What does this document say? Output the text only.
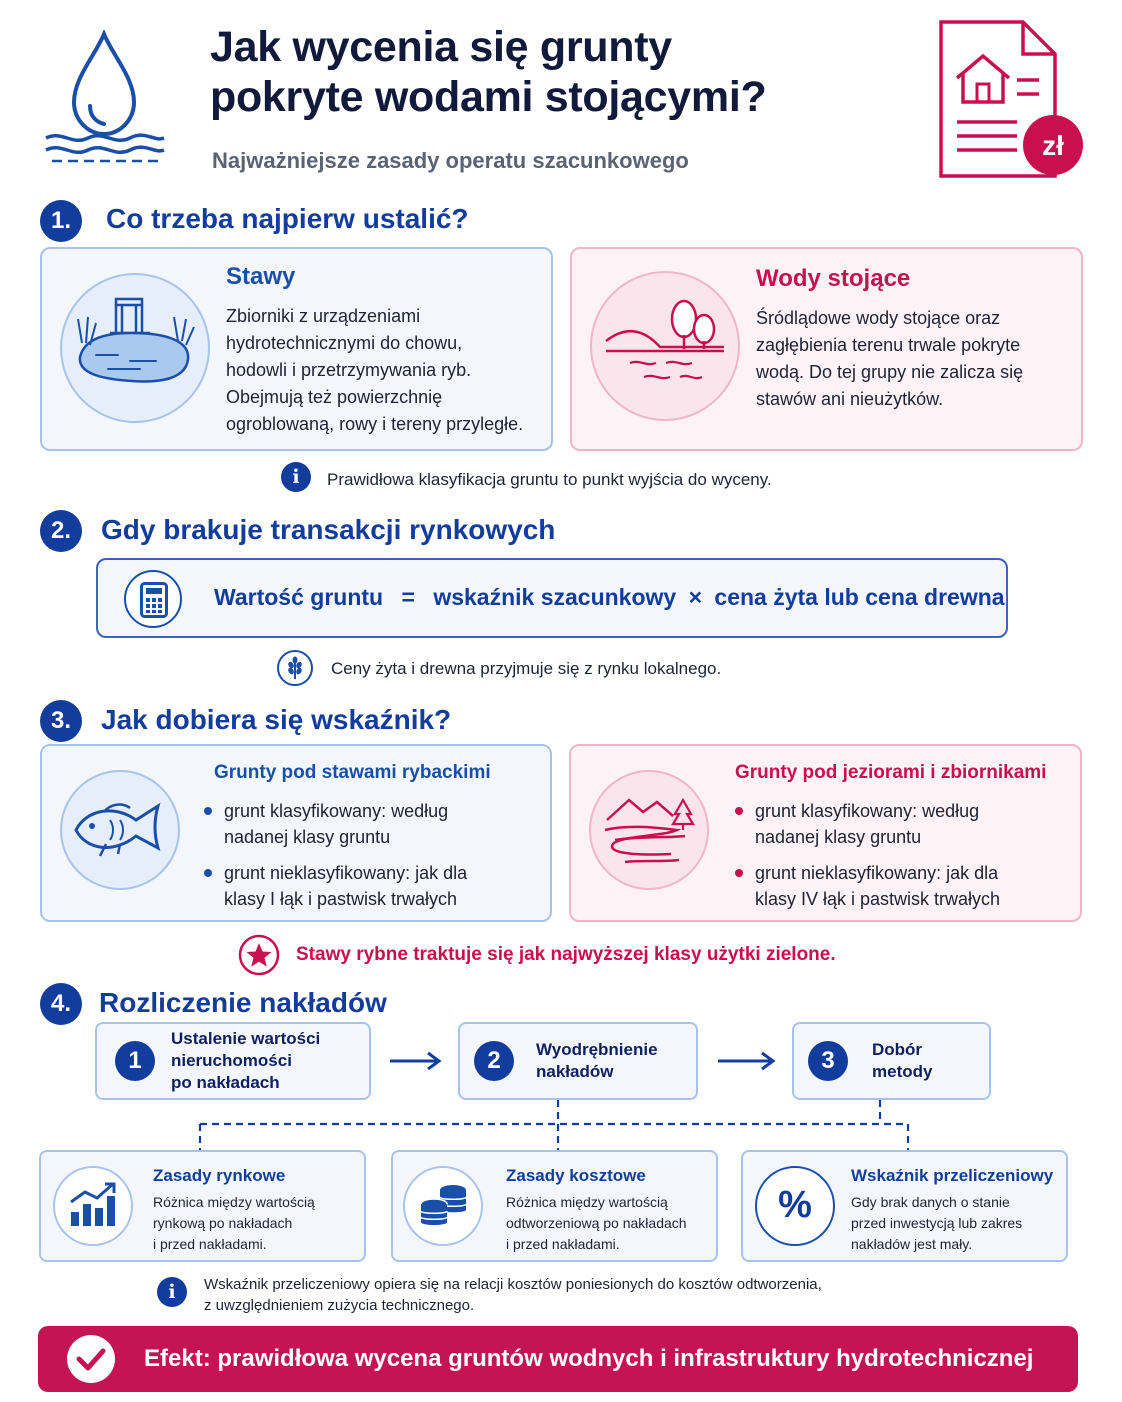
Jak wycenia się grunty
pokryte wodami stojącymi?
Najważniejsze zasady operatu szacunkowego	zł
1.	Co trzeba najpierw ustalić?
Stawy
Zbiorniki z urządzeniami
hydrotechnicznymi do chowu,
hodowli i przetrzymywania ryb.
Obejmują też powierzchnię
ogroblowaną, rowy i tereny przyległe.
Wody stojące
Śródlądowe wody stojące oraz
zagłębienia terenu trwale pokryte
wodą. Do tej grupy nie zalicza się
stawów ani nieużytków.
i	Prawidłowa klasyfikacja gruntu to punkt wyjścia do wyceny.
2.	Gdy brakuje transakcji rynkowych
Wartość gruntu = wskaźnik szacunkowy × cena żyta lub cena drewna
Ceny żyta i drewna przyjmuje się z rynku lokalnego.
3.	Jak dobiera się wskaźnik?
Grunty pod stawami rybackimi
grunt klasyfikowany: według
nadanej klasy gruntu
grunt nieklasyfikowany: jak dla
klasy I łąk i pastwisk trwałych
Grunty pod jeziorami i zbiornikami
grunt klasyfikowany: według
nadanej klasy gruntu
grunt nieklasyfikowany: jak dla
klasy IV łąk i pastwisk trwałych
Stawy rybne traktuje się jak najwyższej klasy użytki zielone.
4.	Rozliczenie nakładów
1
Ustalenie wartości
nieruchomości
po nakładach
2	Wyodrębnienie
nakładów	3	Dobór
metody
Zasady rynkowe
Różnica między wartością
rynkową po nakładach
i przed nakładami.
Zasady kosztowe
Różnica między wartością
odtworzeniową po nakładach
i przed nakładami.
%
Wskaźnik przeliczeniowy
Gdy brak danych o stanie
przed inwestycją lub zakres
nakładów jest mały.
i	Wskaźnik przeliczeniowy opiera się na relacji kosztów poniesionych do kosztów odtworzenia,
z uwzględnieniem zużycia technicznego.
Efekt: prawidłowa wycena gruntów wodnych i infrastruktury hydrotechnicznej
